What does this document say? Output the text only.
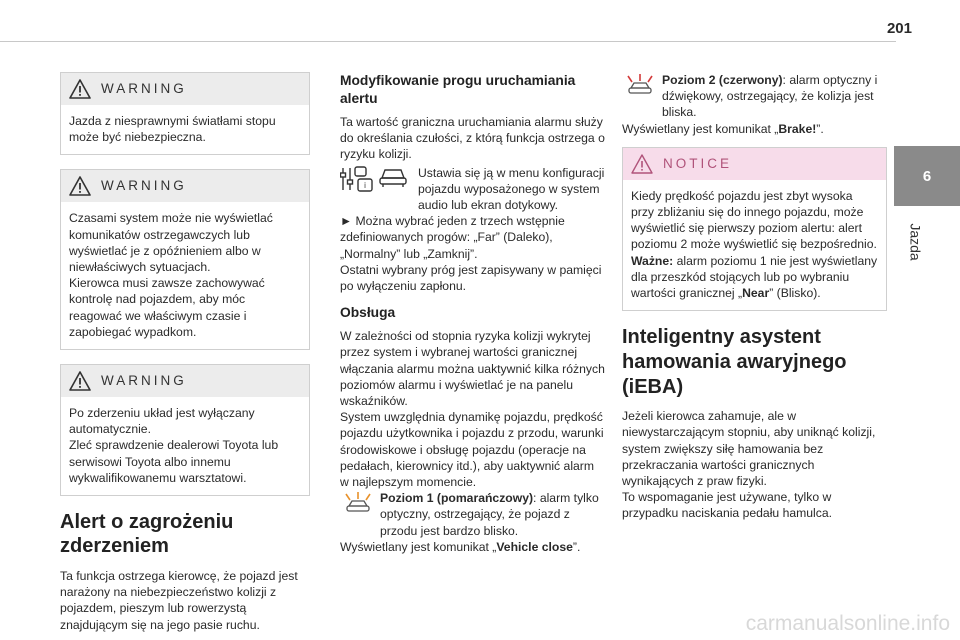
201
6
Jazda
WARNING

Jazda z niesprawnymi światłami stopu może być niebezpieczna.

WARNING

Czasami system może nie wyświetlać komunikatów ostrzegawczych lub wyświetlać je z opóźnieniem albo w niewłaściwych sytuacjach.

Kierowca musi zawsze zachowywać kontrolę nad pojazdem, aby móc reagować we właściwym czasie i zapobiegać wypadkom.

WARNING

Po zderzeniu układ jest wyłączany automatycznie.

Zleć sprawdzenie dealerowi Toyota lub serwisowi Toyota albo innemu wykwalifikowanemu warsztatowi.

Alert o zagrożeniu zderzeniem

Ta funkcja ostrzega kierowcę, że pojazd jest narażony na niebezpieczeństwo kolizji z pojazdem, pieszym lub rowerzystą znajdującym się na jego pasie ruchu.

Modyfikowanie progu uruchamiania alertu

Ta wartość graniczna uruchamiania alarmu służy do określania czułości, z którą funkcja ostrzega o ryzyku kolizji.

i

Ustawia się ją w menu konfiguracji pojazdu wyposażonego w system audio lub ekran dotykowy.

► Można wybrać jeden z trzech wstępnie zdefiniowanych progów: „Far” (Daleko), „Normalny” lub „Zamknij”.

Ostatni wybrany próg jest zapisywany w pamięci po wyłączeniu zapłonu.

Obsługa

W zależności od stopnia ryzyka kolizji wykrytej przez system i wybranej wartości granicznej włączania alarmu można uaktywnić kilka różnych poziomów alarmu i wyświetlać je na panelu wskaźników.

System uwzględnia dynamikę pojazdu, prędkość pojazdu użytkownika i pojazdu z przodu, warunki środowiskowe i obsługę pojazdu (operacje na pedałach, kierownicy itd.), aby uaktywnić alarm w najlepszym momencie.

Poziom 1 (pomarańczowy): alarm tylko optyczny, ostrzegający, że pojazd z przodu jest bardzo blisko.

Wyświetlany jest komunikat „Vehicle close”.

Poziom 2 (czerwony): alarm optyczny i dźwiękowy, ostrzegający, że kolizja jest bliska.

Wyświetlany jest komunikat „Brake!”.

NOTICE

Kiedy prędkość pojazdu jest zbyt wysoka przy zbliżaniu się do innego pojazdu, może wyświetlić się pierwszy poziom alertu: alert poziomu 2 może wyświetlić się bezpośrednio.

Ważne: alarm poziomu 1 nie jest wyświetlany dla przeszkód stojących lub po wybraniu wartości granicznej „Near” (Blisko).

Inteligentny asystent hamowania awaryjnego (iEBA)

Jeżeli kierowca zahamuje, ale w niewystarczającym stopniu, aby uniknąć kolizji, system zwiększy siłę hamowania bez przekraczania wartości granicznych wynikających z praw fizyki.

To wspomaganie jest używane, tylko w przypadku naciskania pedału hamulca.

carmanualsonline.info
